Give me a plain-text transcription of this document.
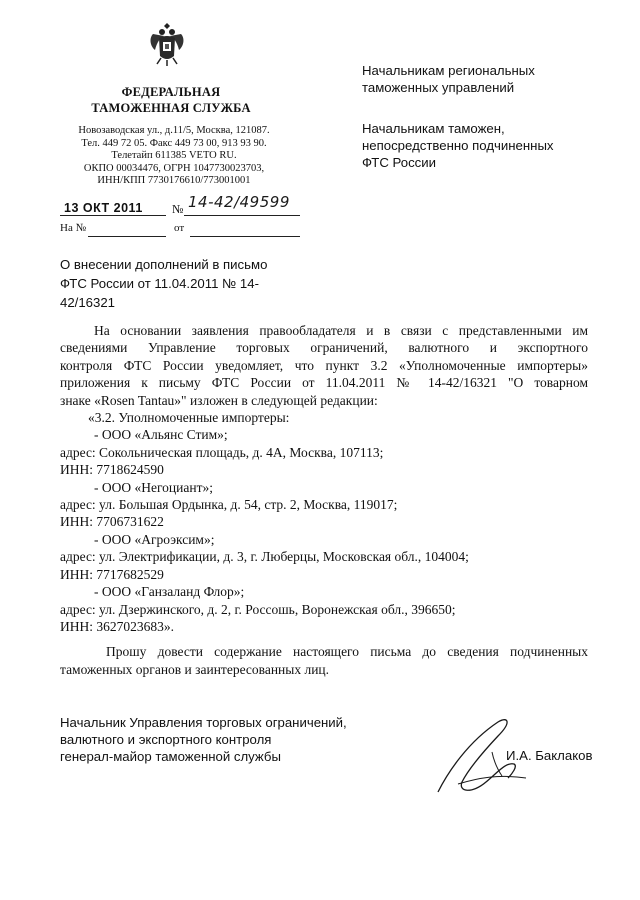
ФЕДЕРАЛЬНАЯ
ТАМОЖЕННАЯ СЛУЖБА
Новозаводская ул., д.11/5, Москва, 121087.
Тел. 449 72 05. Факс 449 73 00, 913 93 90.
Телетайп 611385 VETO RU.
ОКПО 00034476, ОГРН 1047730023703,
ИНН/КПП 7730176610/773001001
13 ОКТ 2011 № 14-42/49599
На №	от
Начальникам региональных
таможенных управлений
Начальникам таможен,
непосредственно подчиненных
ФТС России
О внесении дополнений в письмо
ФТС России от 11.04.2011 № 14-
42/16321
На основании заявления правообладателя и в связи с представленными им
сведениями Управление торговых ограничений, валютного и экспортного
контроля ФТС России уведомляет, что пункт 3.2 «Уполномоченные импортеры»
приложения к письму ФТС России от 11.04.2011 № 14-42/16321 "О товарном
знаке «Rosen Tantau»" изложен в следующей редакции:
«3.2. Уполномоченные импортеры:
- ООО «Альянс Стим»;
адрес: Сокольническая площадь, д. 4А, Москва, 107113;
ИНН: 7718624590
- ООО «Негоциант»;
адрес: ул. Большая Ордынка, д. 54, стр. 2, Москва, 119017;
ИНН: 7706731622
- ООО «Агроэксим»;
адрес: ул. Электрификации, д. 3, г. Люберцы, Московская обл., 104004;
ИНН: 7717682529
- ООО «Ганзаланд Флор»;
адрес: ул. Дзержинского, д. 2, г. Россошь, Воронежская обл., 396650;
ИНН: 3627023683».
Прошу довести содержание настоящего письма до сведения подчиненных
таможенных органов и заинтересованных лиц.
Начальник Управления торговых ограничений,
валютного и экспортного контроля
генерал-майор таможенной службы	И.А. Баклаков
